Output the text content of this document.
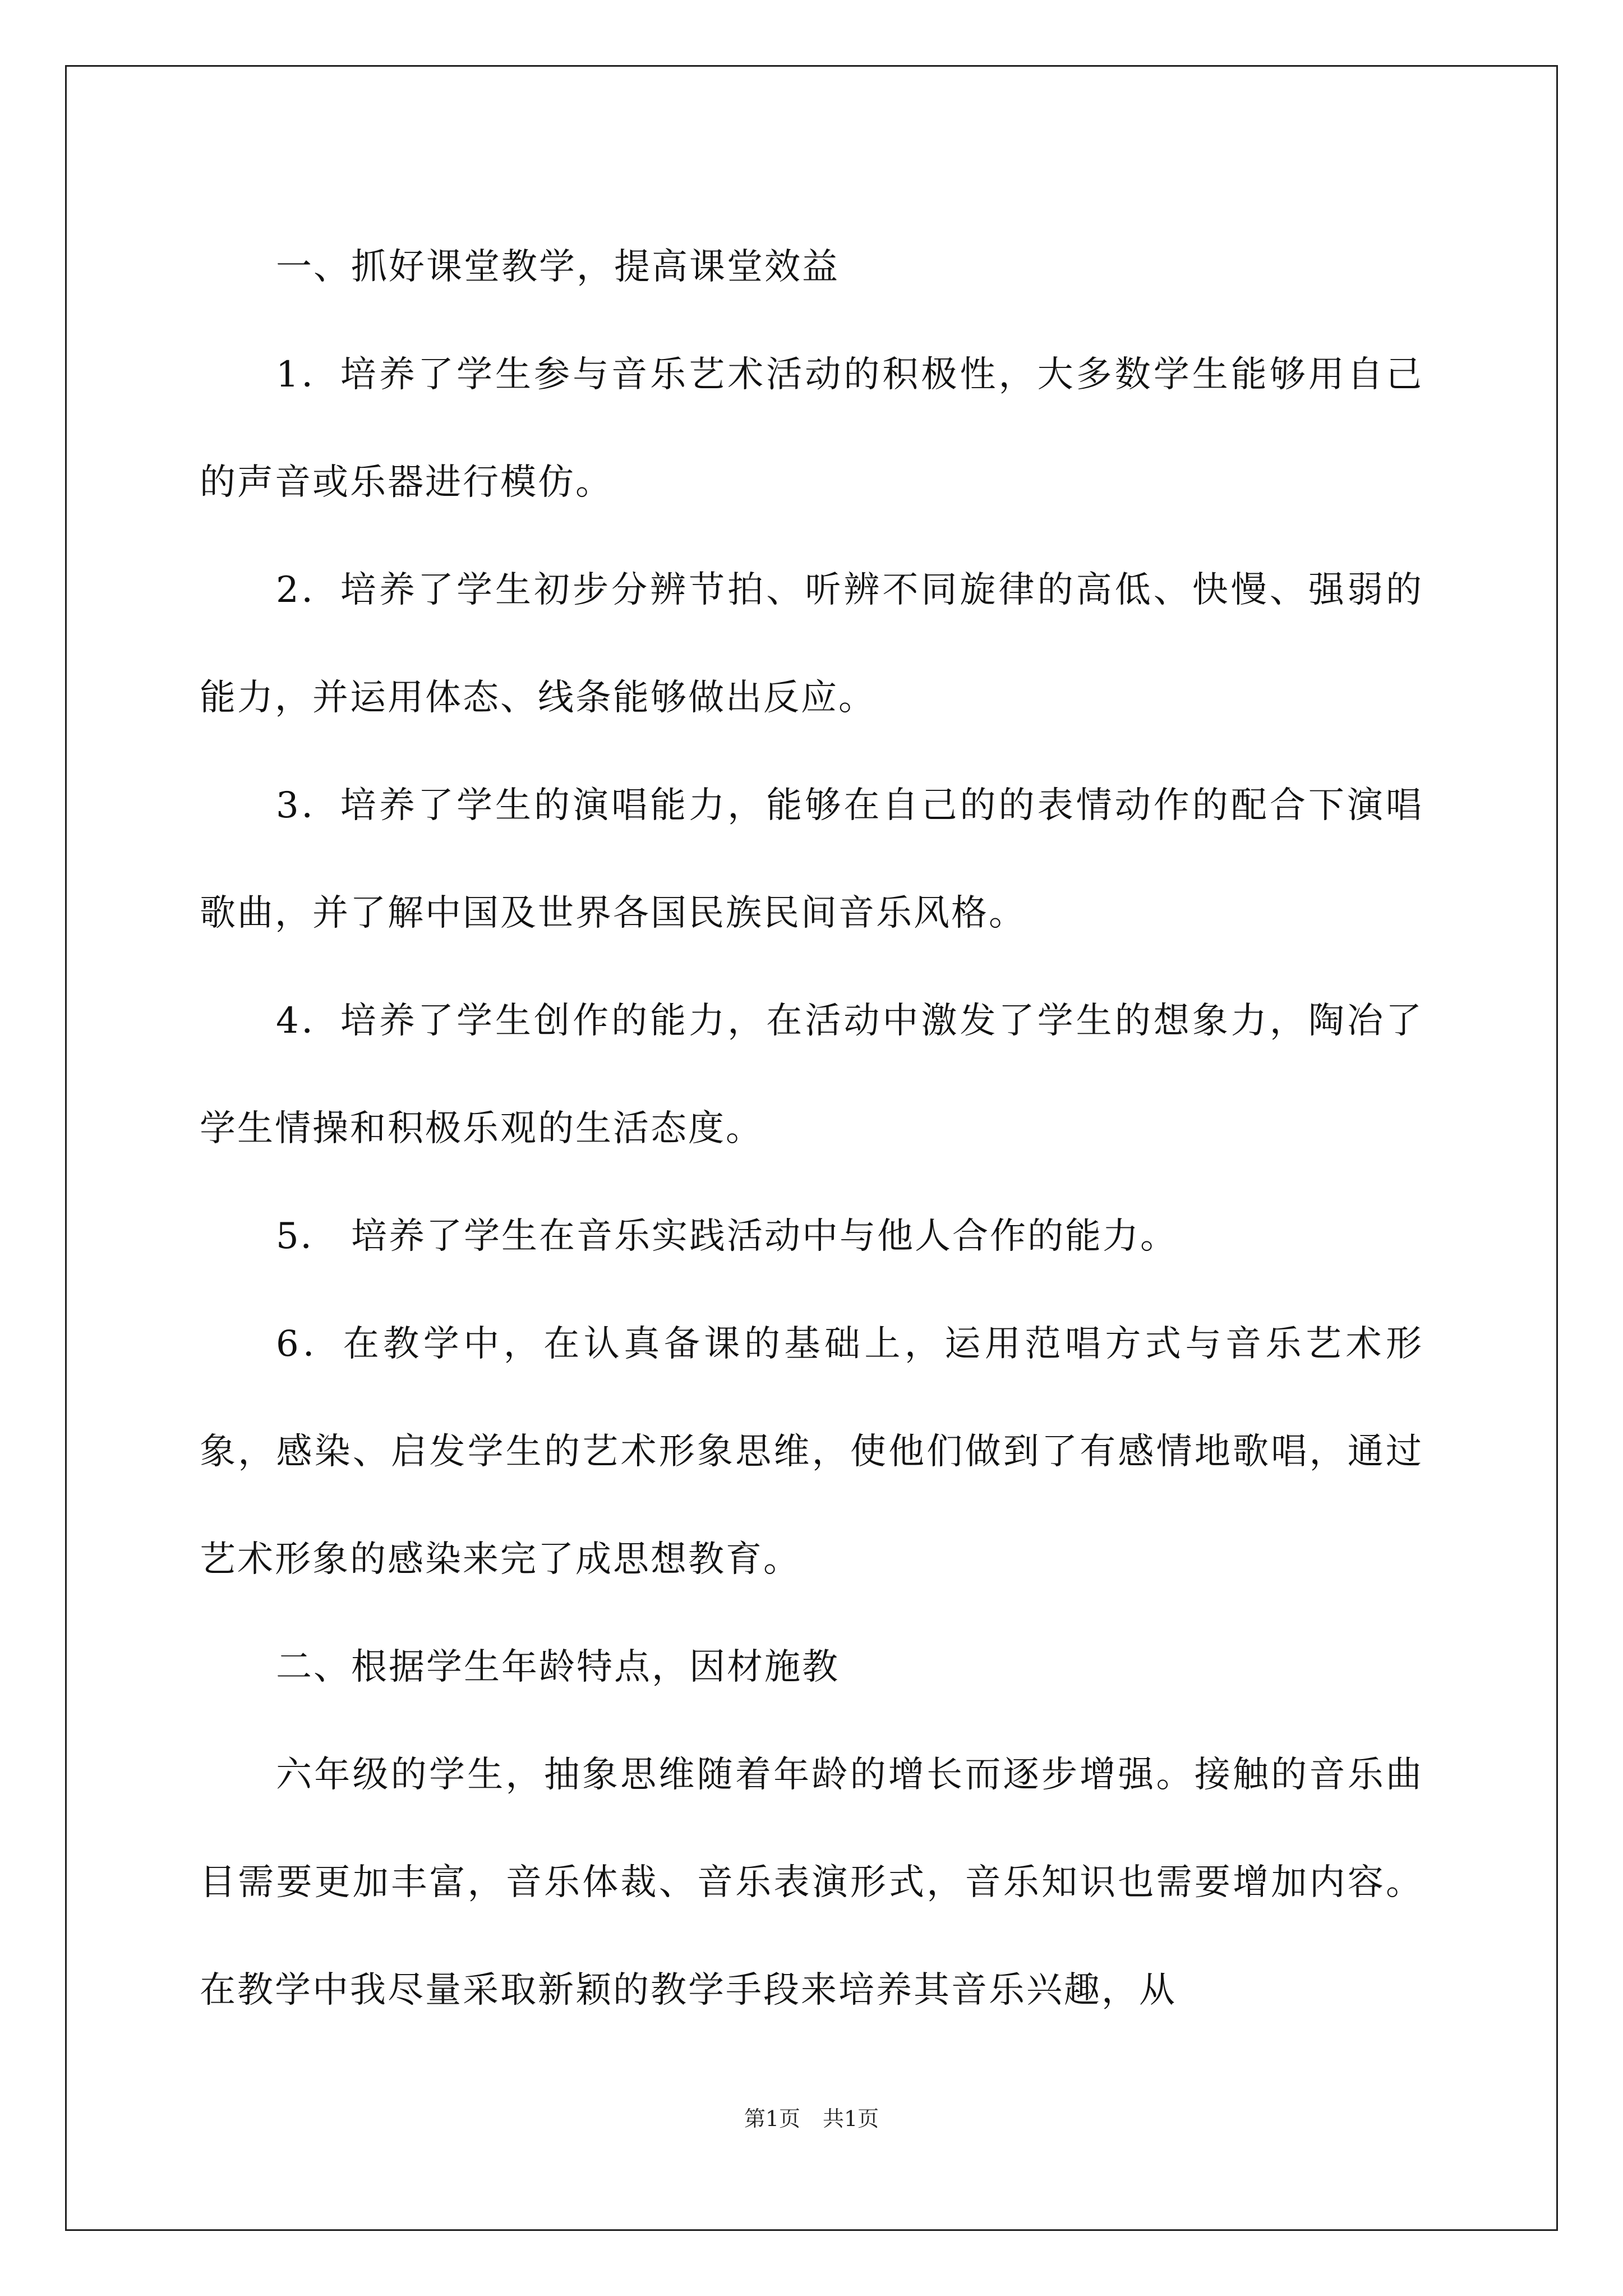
一、抓好课堂教学，提高课堂效益

1．培养了学生参与音乐艺术活动的积极性，大多数学生能够用自己的声音或乐器进行模仿。

2．培养了学生初步分辨节拍、听辨不同旋律的高低、快慢、强弱的能力，并运用体态、线条能够做出反应。

3．培养了学生的演唱能力，能够在自己的的表情动作的配合下演唱歌曲，并了解中国及世界各国民族民间音乐风格。

4．培养了学生创作的能力，在活动中激发了学生的想象力，陶冶了学生情操和积极乐观的生活态度。

5． 培养了学生在音乐实践活动中与他人合作的能力。

6．在教学中，在认真备课的基础上，运用范唱方式与音乐艺术形象，感染、启发学生的艺术形象思维，使他们做到了有感情地歌唱，通过艺术形象的感染来完了成思想教育。

二、根据学生年龄特点，因材施教

六年级的学生，抽象思维随着年龄的增长而逐步增强。接触的音乐曲目需要更加丰富，音乐体裁、音乐表演形式，音乐知识也需要增加内容。在教学中我尽量采取新颖的教学手段来培养其音乐兴趣，从

第1页 共1页
